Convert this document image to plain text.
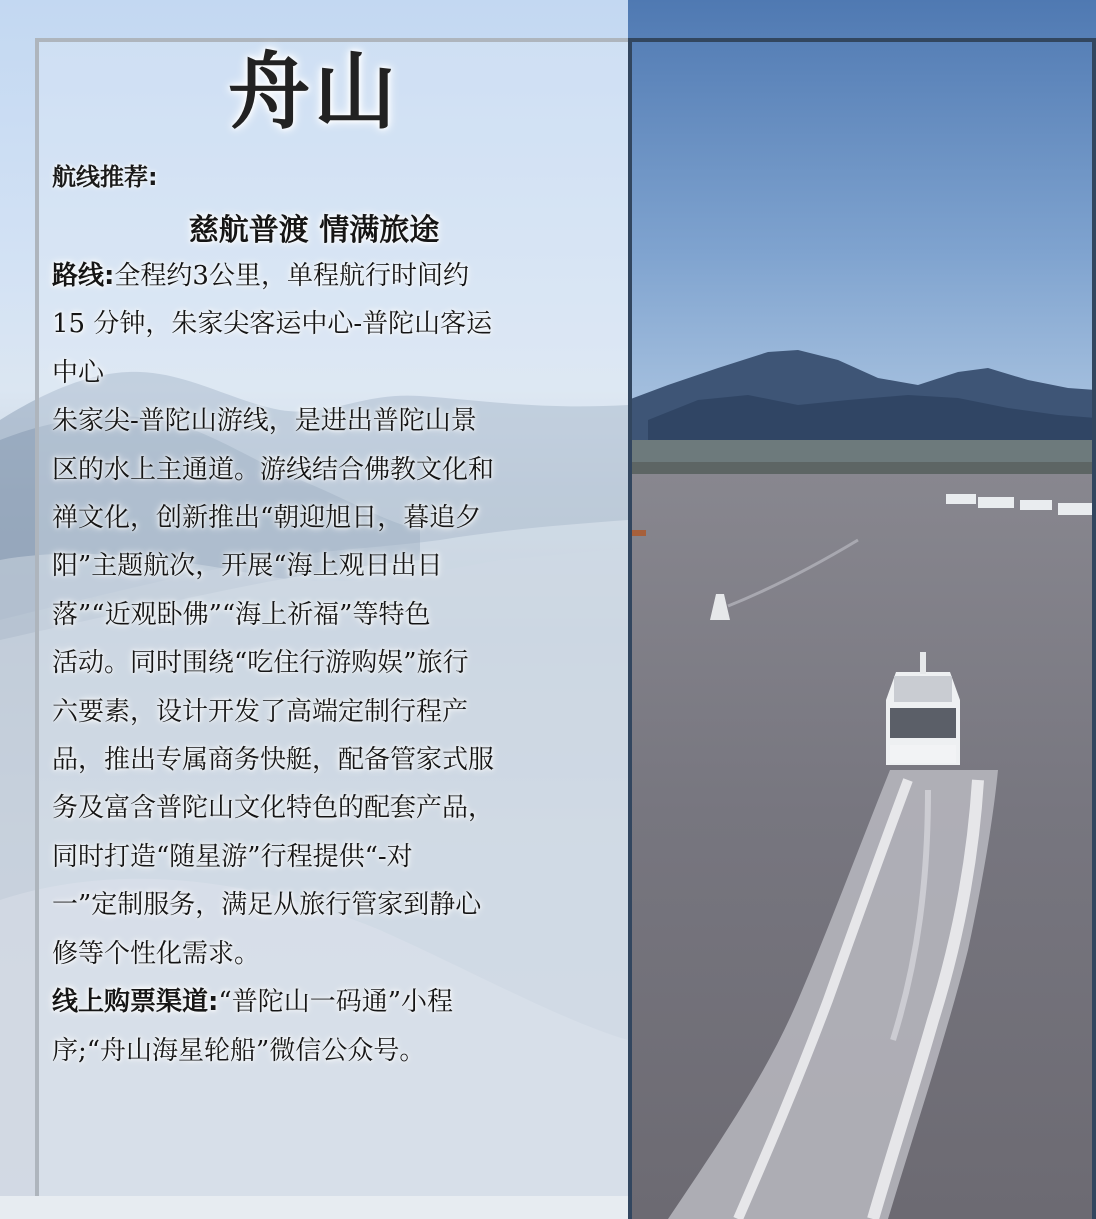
舟山
航线推荐:
慈航普渡 情满旅途

路线:全程约3公里，单程航行时间约

15 分钟，朱家尖客运中心-普陀山客运

中心

朱家尖-普陀山游线，是进出普陀山景

区的水上主通道。游线结合佛教文化和

禅文化，创新推出“朝迎旭日，暮追夕

阳”主题航次，开展“海上观日出日

落”“近观卧佛”“海上祈福”等特色

活动。同时围绕“吃住行游购娱”旅行

六要素，设计开发了高端定制行程产

品，推出专属商务快艇，配备管家式服

务及富含普陀山文化特色的配套产品，

同时打造“随星游”行程提供“-对

一”定制服务，满足从旅行管家到静心

修等个性化需求。

线上购票渠道:“普陀山一码通”小程

序;“舟山海星轮船”微信公众号。
